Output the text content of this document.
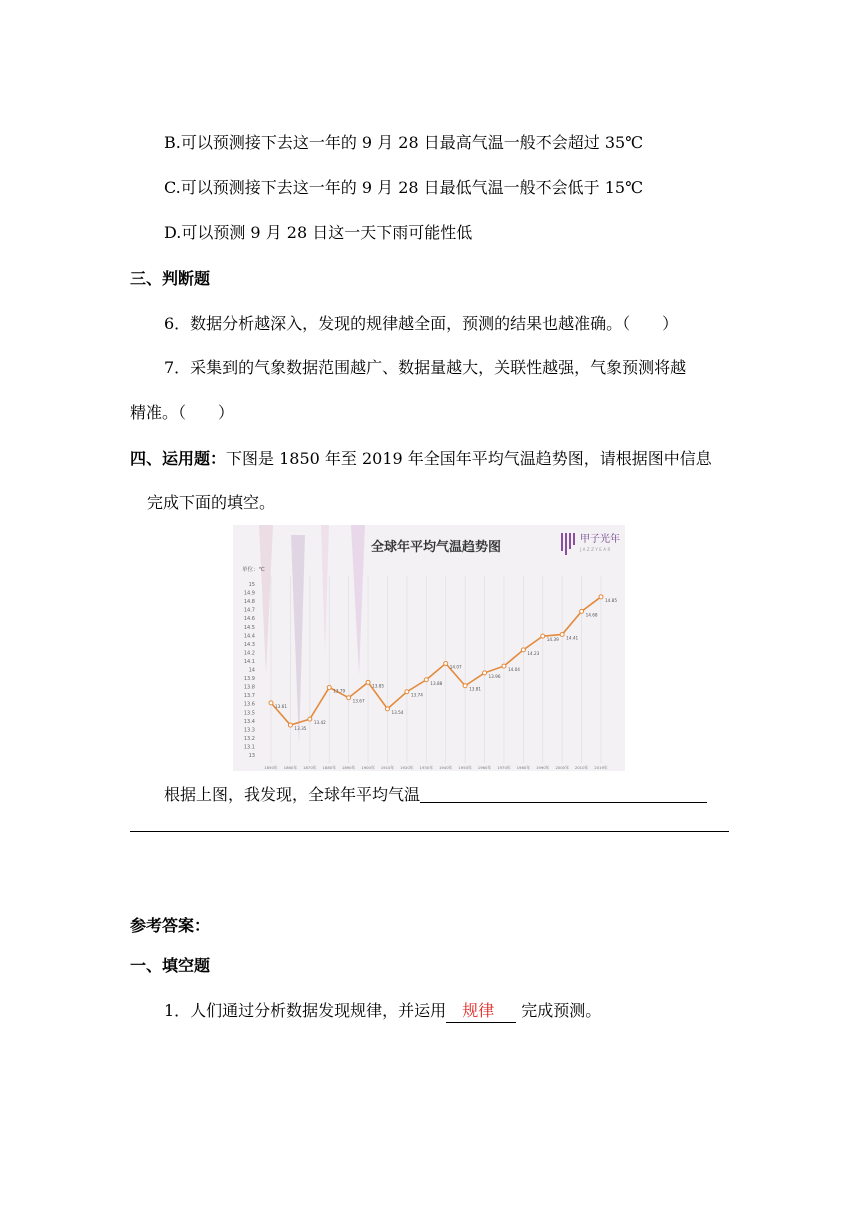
B.可以预测接下去这一年的 9 月 28 日最高气温一般不会超过 35℃
C.可以预测接下去这一年的 9 月 28 日最低气温一般不会低于 15℃
D.可以预测 9 月 28 日这一天下雨可能性低
三、判断题
6．数据分析越深入，发现的规律越全面，预测的结果也越准确。（　　）
7．采集到的气象数据范围越广、数据量越大，关联性越强，气象预测将越
精准。（　　）
四、运用题：下图是 1850 年至 2019 年全国年平均气温趋势图，请根据图中信息
完成下面的填空。
全球年平均气温趋势图
甲子光年
JAZZYEAR
单位：℃
15
14.9
14.8
14.7
14.6
14.5
14.4
14.3
14.2
14.1
14
13.9
13.8
13.7
13.6
13.5
13.4
13.3
13.2
13.1
13
1850年 1860年 1870年 1880年 1890年 1900年 1910年 1920年 1930年 1940年 1950年 1960年 1970年 1980年 1990年 2000年 2010年 2019年
13.61
13.35
13.42
13.79
13.67
13.85
13.54
13.74
13.88
14.07
13.81
13.96
14.04
14.23
14.39 14.41
14.68
14.85
根据上图，我发现，全球年平均气温
参考答案：
一、填空题
1．人们通过分析数据发现规律，并运用 规律 完成预测。
